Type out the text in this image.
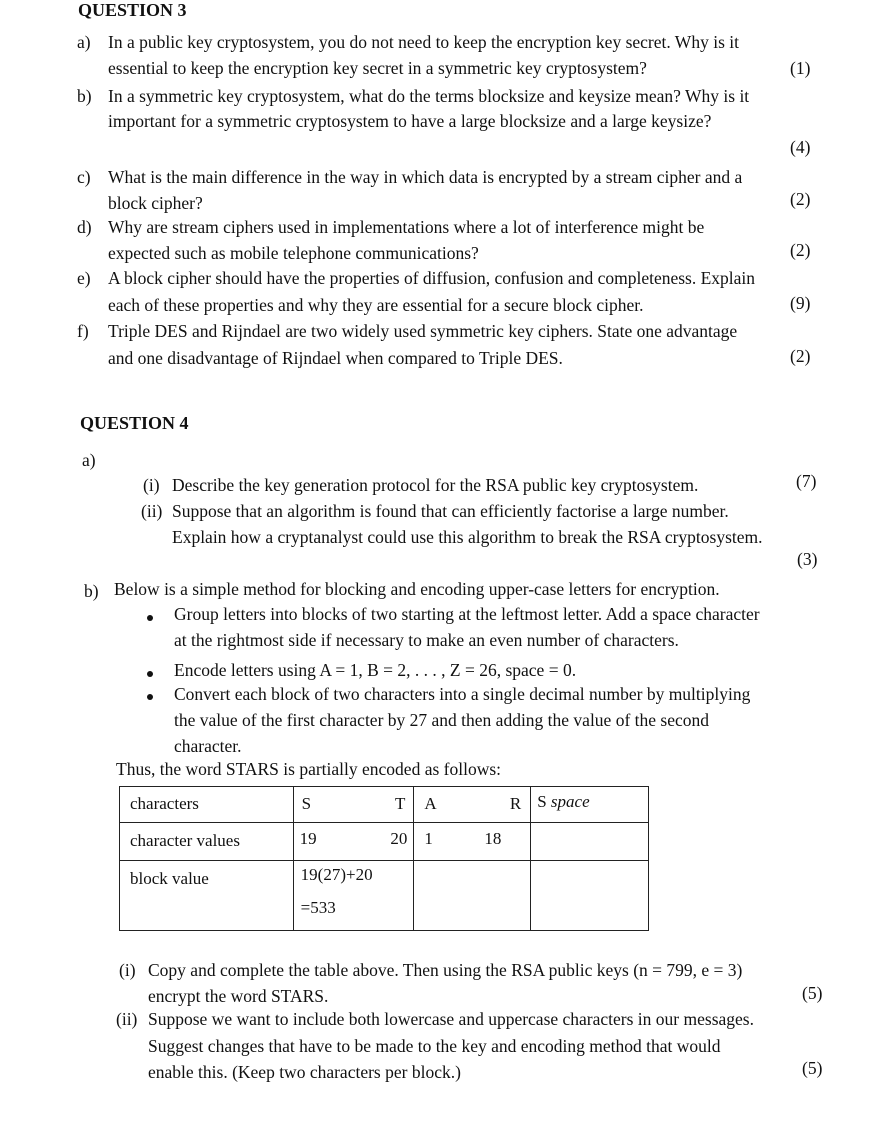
QUESTION 3
a) In a public key cryptosystem, you do not need to keep the encryption key secret. Why is it
essential to keep the encryption key secret in a symmetric key cryptosystem?	(1)
b) In a symmetric key cryptosystem, what do the terms blocksize and keysize mean? Why is it
important for a symmetric cryptosystem to have a large blocksize and a large keysize?
(4)
c) What is the main difference in the way in which data is encrypted by a stream cipher and a
block cipher?	(2)
d) Why are stream ciphers used in implementations where a lot of interference might be
expected such as mobile telephone communications?	(2)
e) A block cipher should have the properties of diffusion, confusion and completeness. Explain
each of these properties and why they are essential for a secure block cipher.	(9)
f) Triple DES and Rijndael are two widely used symmetric key ciphers. State one advantage
and one disadvantage of Rijndael when compared to Triple DES.	(2)
QUESTION 4
a)
(i) Describe the key generation protocol for the RSA public key cryptosystem.	(7)
(ii) Suppose that an algorithm is found that can efficiently factorise a large number.
Explain how a cryptanalyst could use this algorithm to break the RSA cryptosystem.
(3)
b) Below is a simple method for blocking and encoding upper-case letters for encryption.
Group letters into blocks of two starting at the leftmost letter. Add a space character
at the rightmost side if necessary to make an even number of characters.
Encode letters using A = 1, B = 2, . . . , Z = 26, space = 0.
Convert each block of two characters into a single decimal number by multiplying
the value of the first character by 27 and then adding the value of the second
character.
Thus, the word STARS is partially encoded as follows:
characters	S T	A R	S space

character values	19 20	1 18	

block value	19(27)+20
=533		

(i) Copy and complete the table above. Then using the RSA public keys (n = 799, e = 3)
encrypt the word STARS.	(5)
(ii) Suppose we want to include both lowercase and uppercase characters in our messages.
Suggest changes that have to be made to the key and encoding method that would
enable this. (Keep two characters per block.)	(5)
